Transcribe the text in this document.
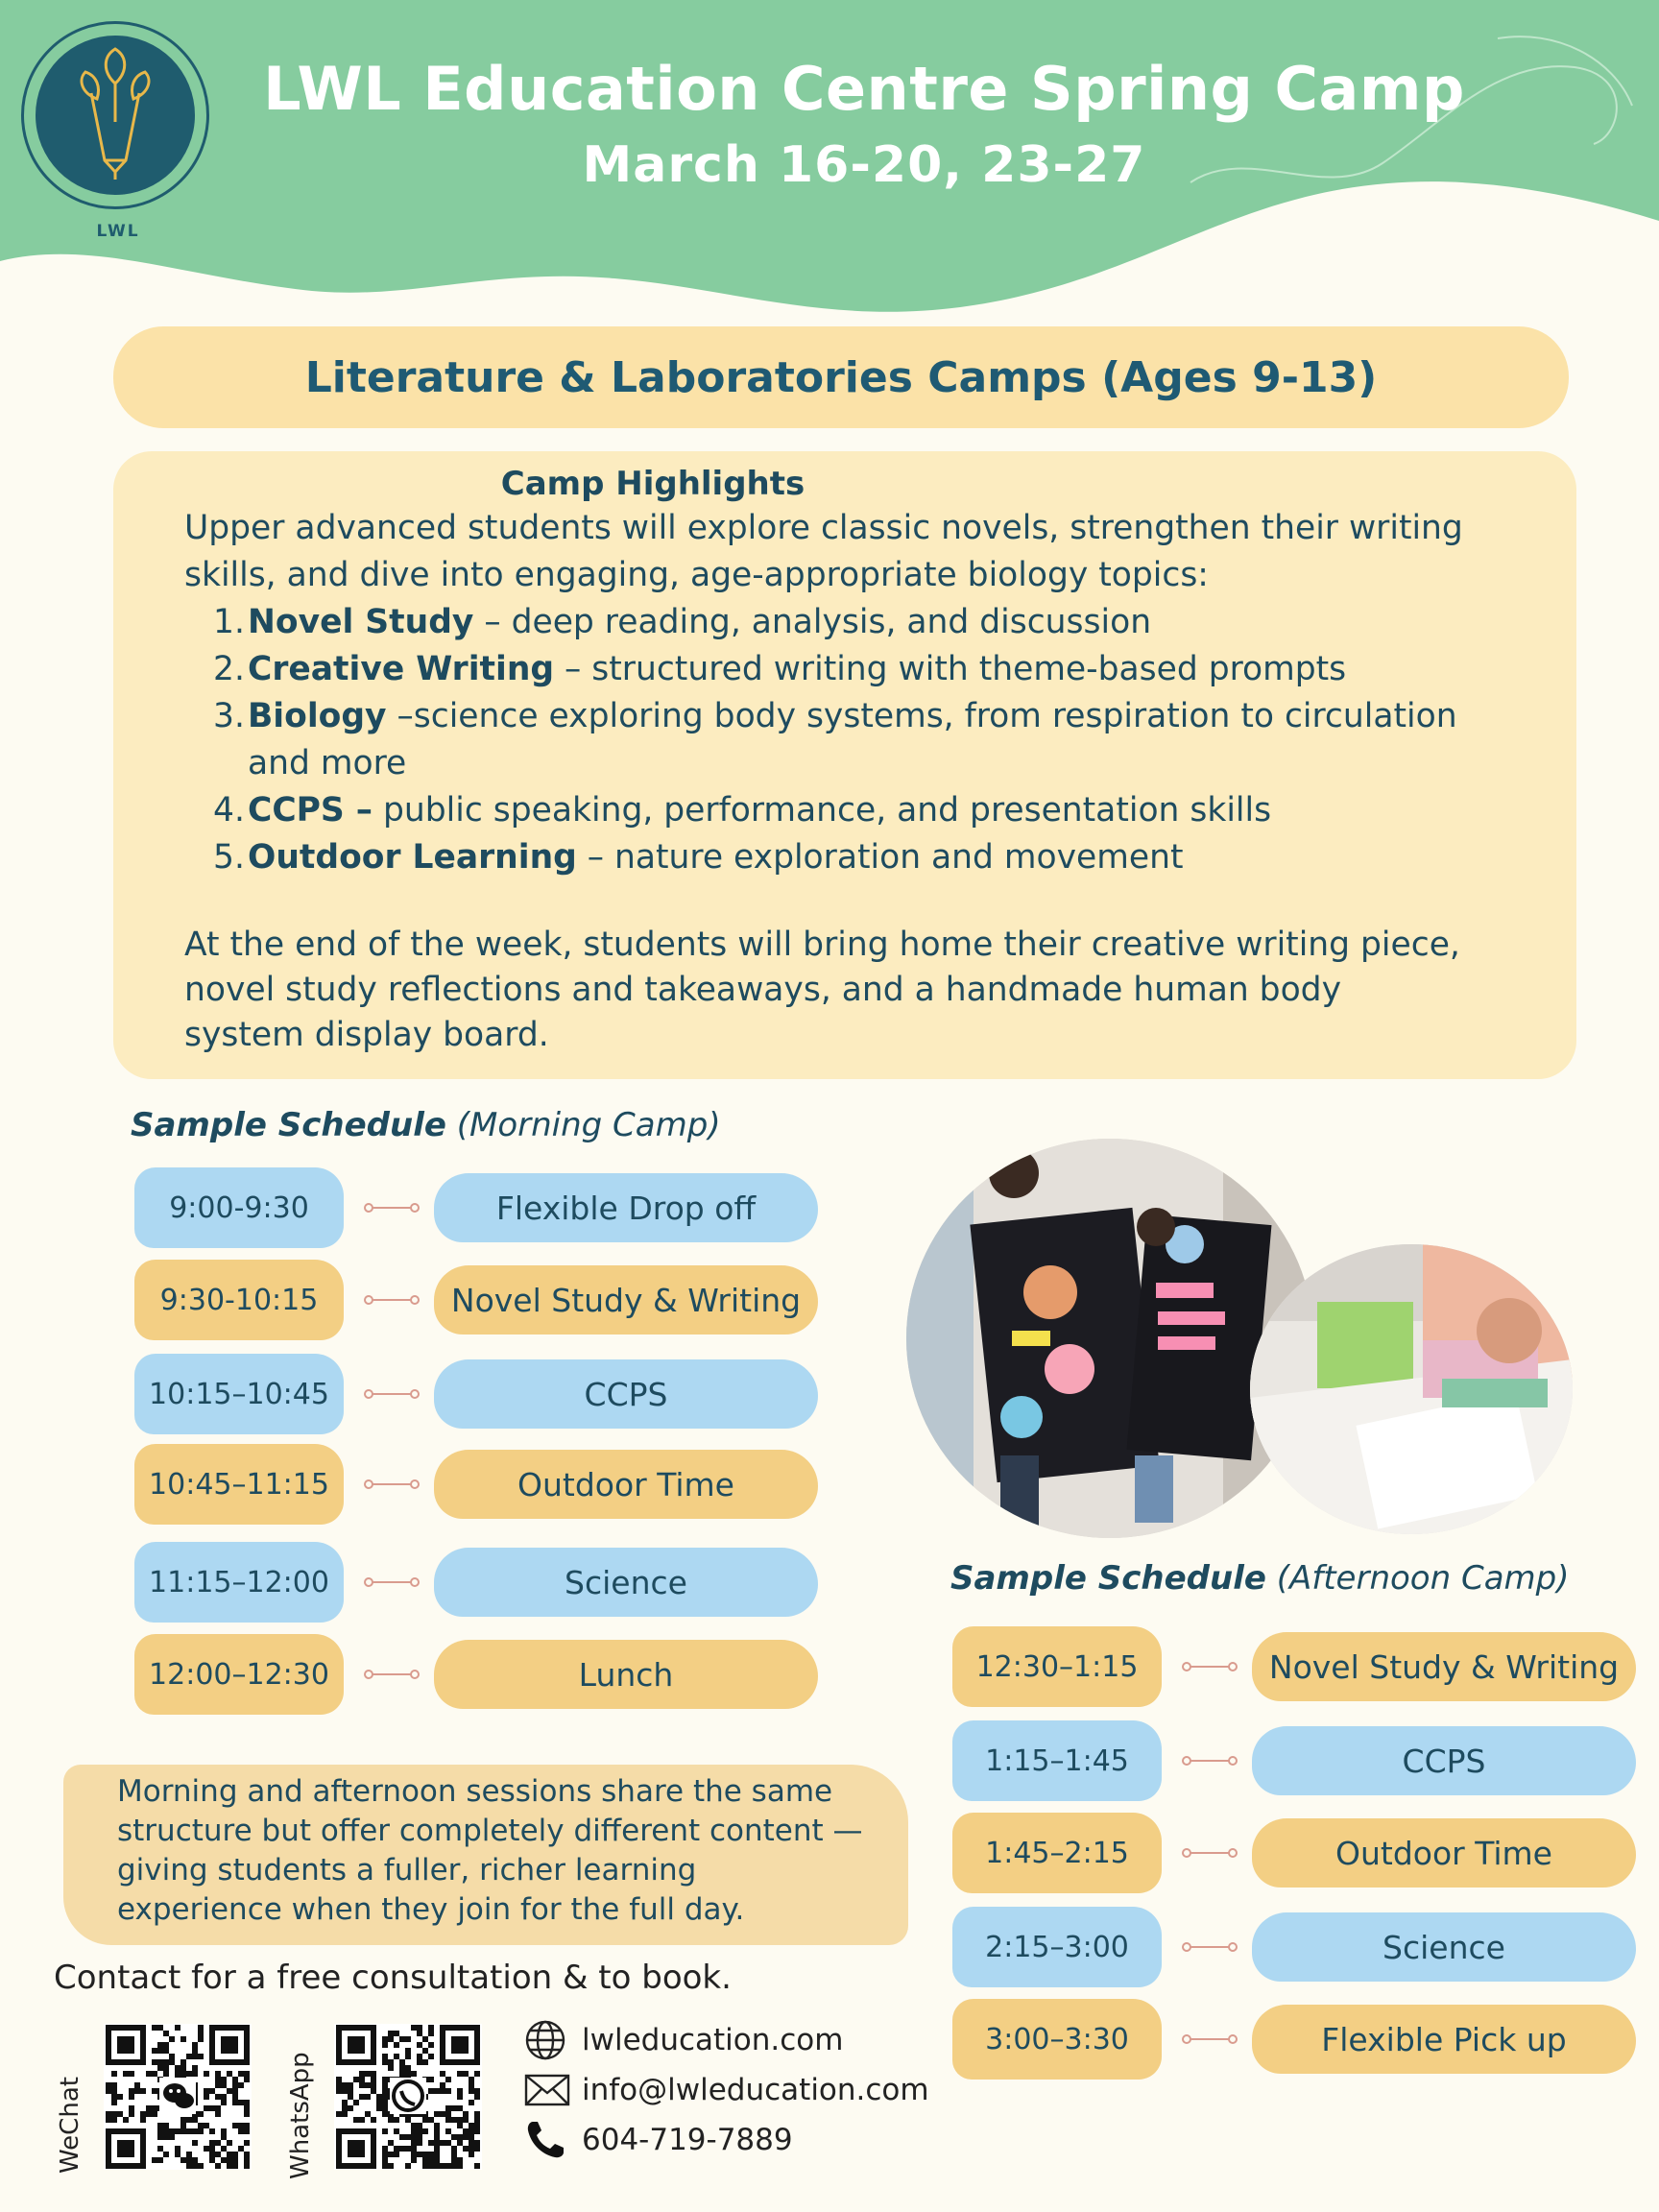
LWL
LWL Education Centre Spring Camp
March 16-20, 23-27
Literature & Laboratories Camps (Ages 9-13)
Camp Highlights
Upper advanced students will explore classic novels, strengthen their writing
skills, and dive into engaging, age-appropriate biology topics:
1. Novel Study – deep reading, analysis, and discussion
2. Creative Writing – structured writing with theme-based prompts
3. Biology –science exploring body systems, from respiration to circulation
and more
4. CCPS – public speaking, performance, and presentation skills
5. Outdoor Learning – nature exploration and movement
At the end of the week, students will bring home their creative writing piece,
novel study reflections and takeaways, and a handmade human body
system display board.
Sample Schedule (Morning Camp)
9:00-9:30	Flexible Drop off
9:30-10:15	Novel Study & Writing
10:15–10:45	CCPS
10:45–11:15	Outdoor Time
11:15–12:00	Science
12:00–12:30	Lunch
Sample Schedule (Afternoon Camp)
12:30–1:15	Novel Study & Writing
1:15–1:45	CCPS
1:45–2:15	Outdoor Time
2:15–3:00	Science
3:00–3:30	Flexible Pick up
Morning and afternoon sessions share the same
structure but offer completely different content —
giving students a fuller, richer learning
experience when they join for the full day.
Contact for a free consultation & to book.
WeChat	WhatsApp
lwleducation.com
info@lwleducation.com
604-719-7889
